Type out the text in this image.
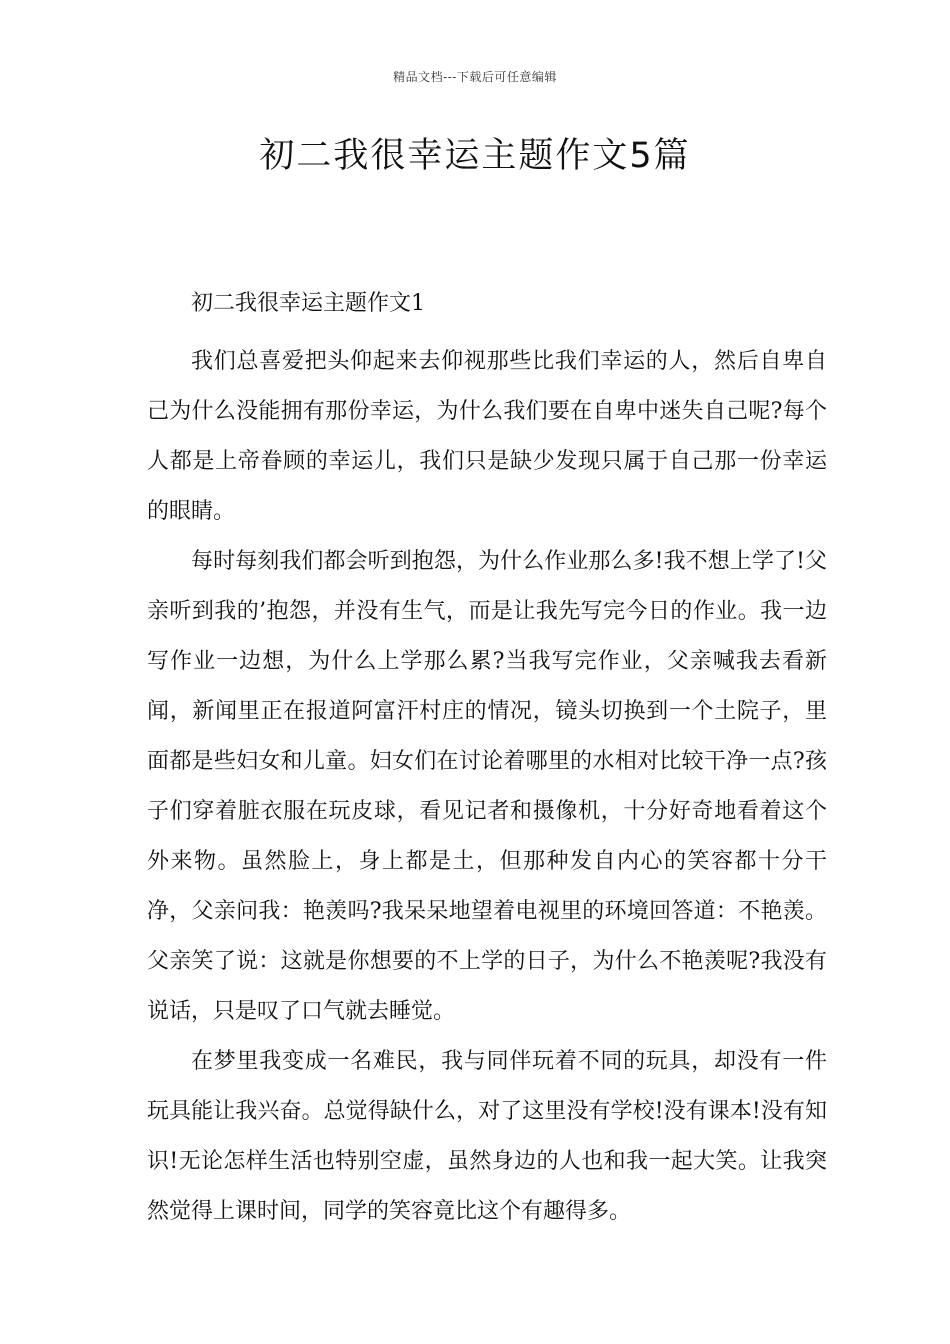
精品文档---下载后可任意编辑
初二我很幸运主题作文5篇

初二我很幸运主题作文1

我们总喜爱把头仰起来去仰视那些比我们幸运的人，然后自卑自己为什么没能拥有那份幸运，为什么我们要在自卑中迷失自己呢?每个人都是上帝眷顾的幸运儿，我们只是缺少发现只属于自己那一份幸运的眼睛。

每时每刻我们都会听到抱怨，为什么作业那么多!我不想上学了!父亲听到我的’抱怨，并没有生气，而是让我先写完今日的作业。我一边写作业一边想，为什么上学那么累?当我写完作业，父亲喊我去看新闻，新闻里正在报道阿富汗村庄的情况，镜头切换到一个土院子，里面都是些妇女和儿童。妇女们在讨论着哪里的水相对比较干净一点?孩子们穿着脏衣服在玩皮球，看见记者和摄像机，十分好奇地看着这个外来物。虽然脸上，身上都是土，但那种发自内心的笑容都十分干净，父亲问我：艳羡吗?我呆呆地望着电视里的环境回答道：不艳羡。父亲笑了说：这就是你想要的不上学的日子，为什么不艳羡呢?我没有说话，只是叹了口气就去睡觉。

在梦里我变成一名难民，我与同伴玩着不同的玩具，却没有一件玩具能让我兴奋。总觉得缺什么，对了这里没有学校!没有课本!没有知识!无论怎样生活也特别空虚，虽然身边的人也和我一起大笑。让我突然觉得上课时间，同学的笑容竟比这个有趣得多。
